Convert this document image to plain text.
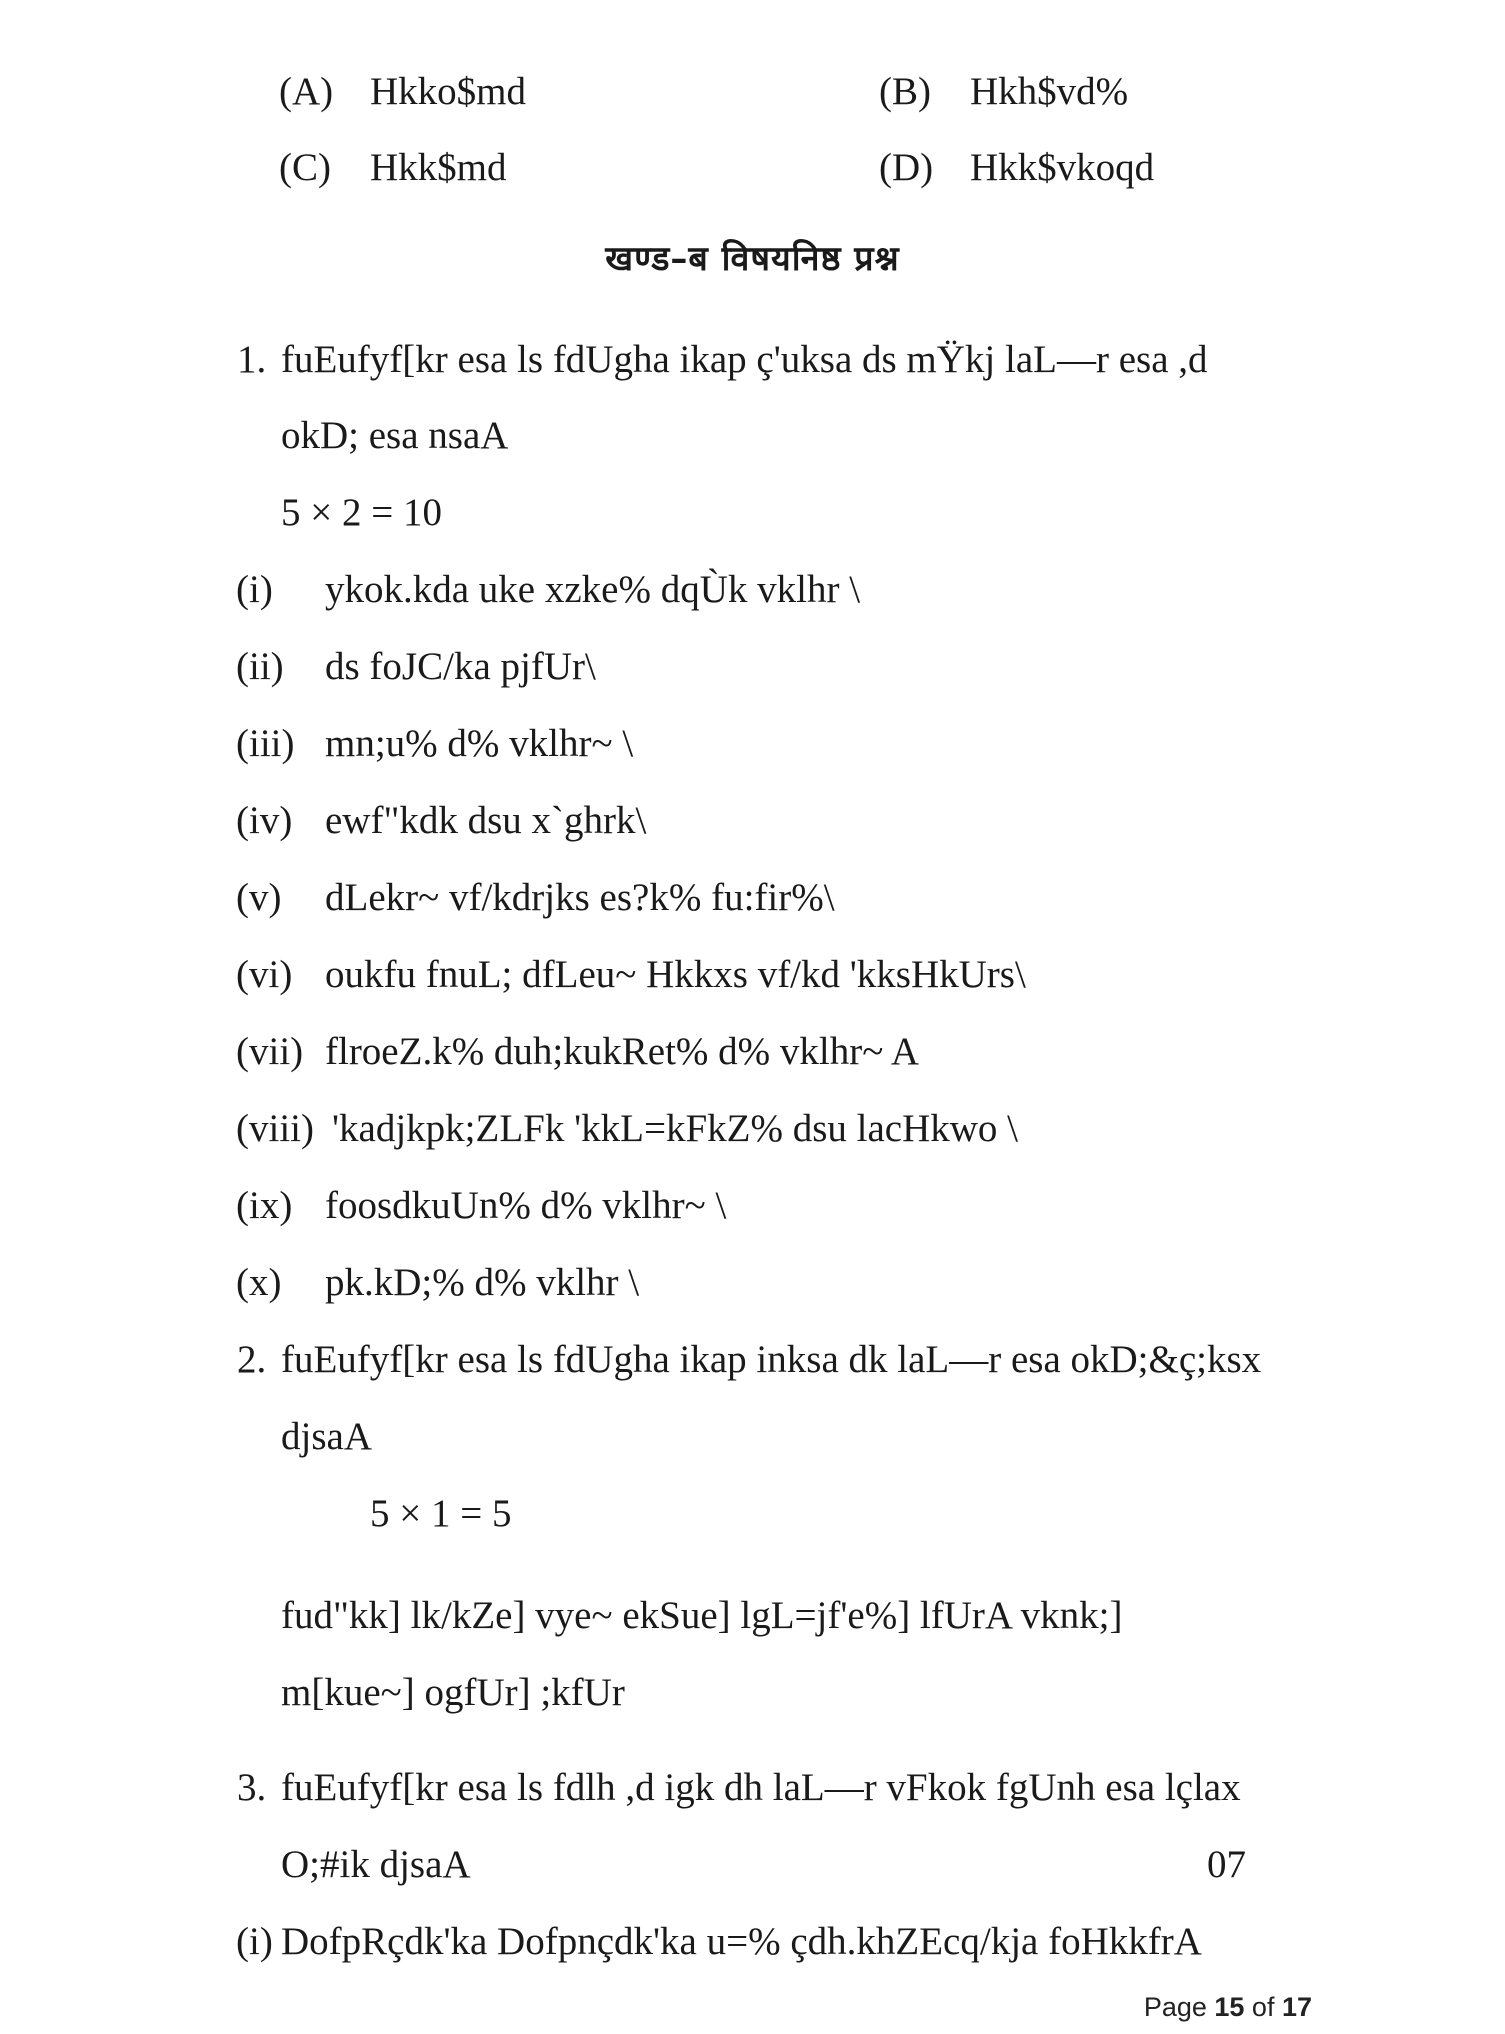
(A) Hkko$md	(B) Hkh$vd%
(C) Hkk$md	(D) Hkk$vkoqd
खण्ड–ब विषयनिष्ठ प्रश्न
1. fuEufyf[kr esa ls fdUgha ikap ç'uksa ds mŸkj laL—r esa ,d
okD; esa nsaA
5 × 2 = 10
(i) ykok.kda uke xzke% dqÙk vklhr \
(ii) ds foJC/ka pjfUr\
(iii) mn;u% d% vklhr~ \
(iv) ewf"kdk dsu x`ghrk\
(v) dLekr~ vf/kdrjks es?k% fu:fir%\
(vi) oukfu fnuL; dfLeu~ Hkkxs vf/kd 'kksHkUrs\
(vii) flroeZ.k% duh;kukRet% d% vklhr~ A
(viii) 'kadjkpk;ZLFk 'kkL=kFkZ% dsu lacHkwo \
(ix) foosdkuUn% d% vklhr~ \
(x) pk.kD;% d% vklhr \
2. fuEufyf[kr esa ls fdUgha ikap inksa dk laL—r esa okD;&ç;ksx
djsaA
5 × 1 = 5
fud"kk] lk/kZe] vye~ ekSue] lgL=jf'e%] lfUrA vknk;]
m[kue~] ogfUr] ;kfUr
3. fuEufyf[kr esa ls fdlh ,d igk dh laL—r vFkok fgUnh esa lçlax
O;#ik djsaA	07
(i) DofpRçdk'ka Dofpnçdk'ka u=% çdh.khZEcq/kja foHkkfrA
Page 15 of 17
